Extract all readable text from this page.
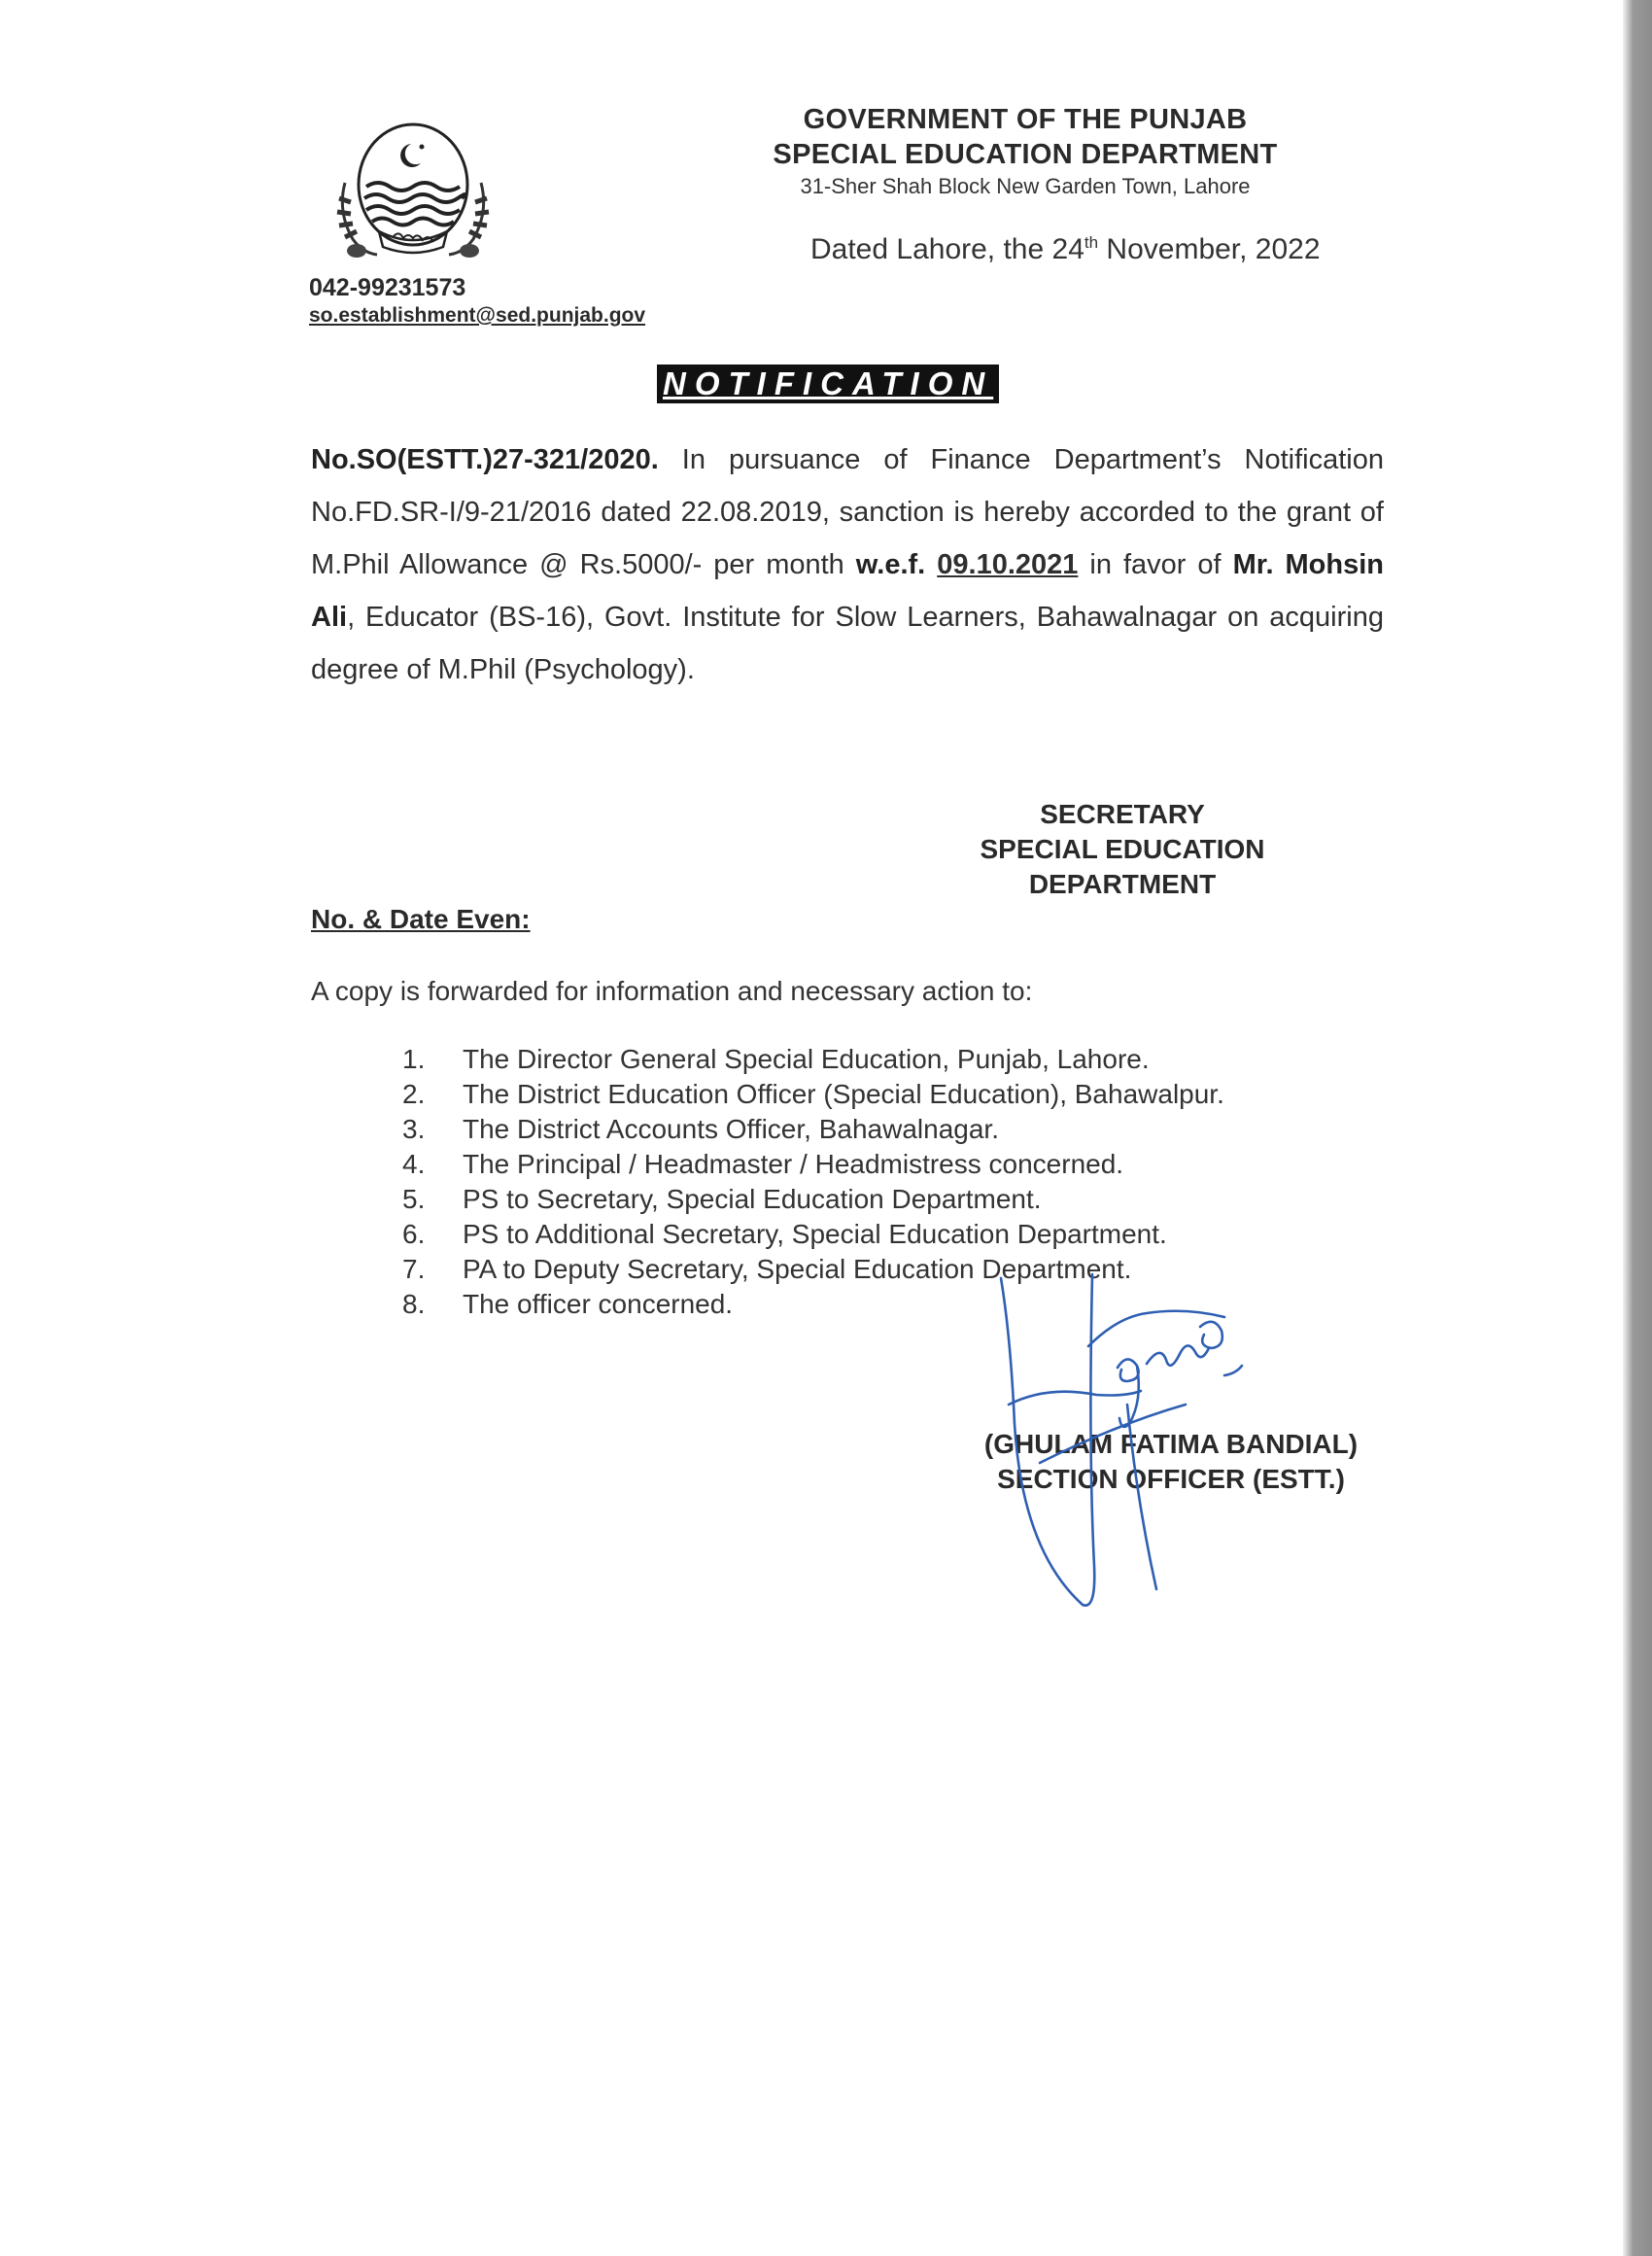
GOVERNMENT OF THE PUNJAB
SPECIAL EDUCATION DEPARTMENT
31-Sher Shah Block New Garden Town, Lahore
Dated Lahore, the 24th November, 2022
042-99231573
so.establishment@sed.punjab.gov
NOTIFICATION
No.SO(ESTT.)27-321/2020. In pursuance of Finance Department’s Notification No.FD.SR-I/9-21/2016 dated 22.08.2019, sanction is hereby accorded to the grant of M.Phil Allowance @ Rs.5000/- per month w.e.f. 09.10.2021 in favor of Mr. Mohsin Ali, Educator (BS-16), Govt. Institute for Slow Learners, Bahawalnagar on acquiring degree of M.Phil (Psychology).
SECRETARY
SPECIAL EDUCATION
DEPARTMENT
No. & Date Even:
A copy is forwarded for information and necessary action to:
1.	The Director General Special Education, Punjab, Lahore.
2.	The District Education Officer (Special Education), Bahawalpur.
3.	The District Accounts Officer, Bahawalnagar.
4.	The Principal / Headmaster / Headmistress concerned.
5.	PS to Secretary, Special Education Department.
6.	PS to Additional Secretary, Special Education Department.
7.	PA to Deputy Secretary, Special Education Department.
8.	The officer concerned.
(GHULAM FATIMA BANDIAL)
SECTION OFFICER (ESTT.)
